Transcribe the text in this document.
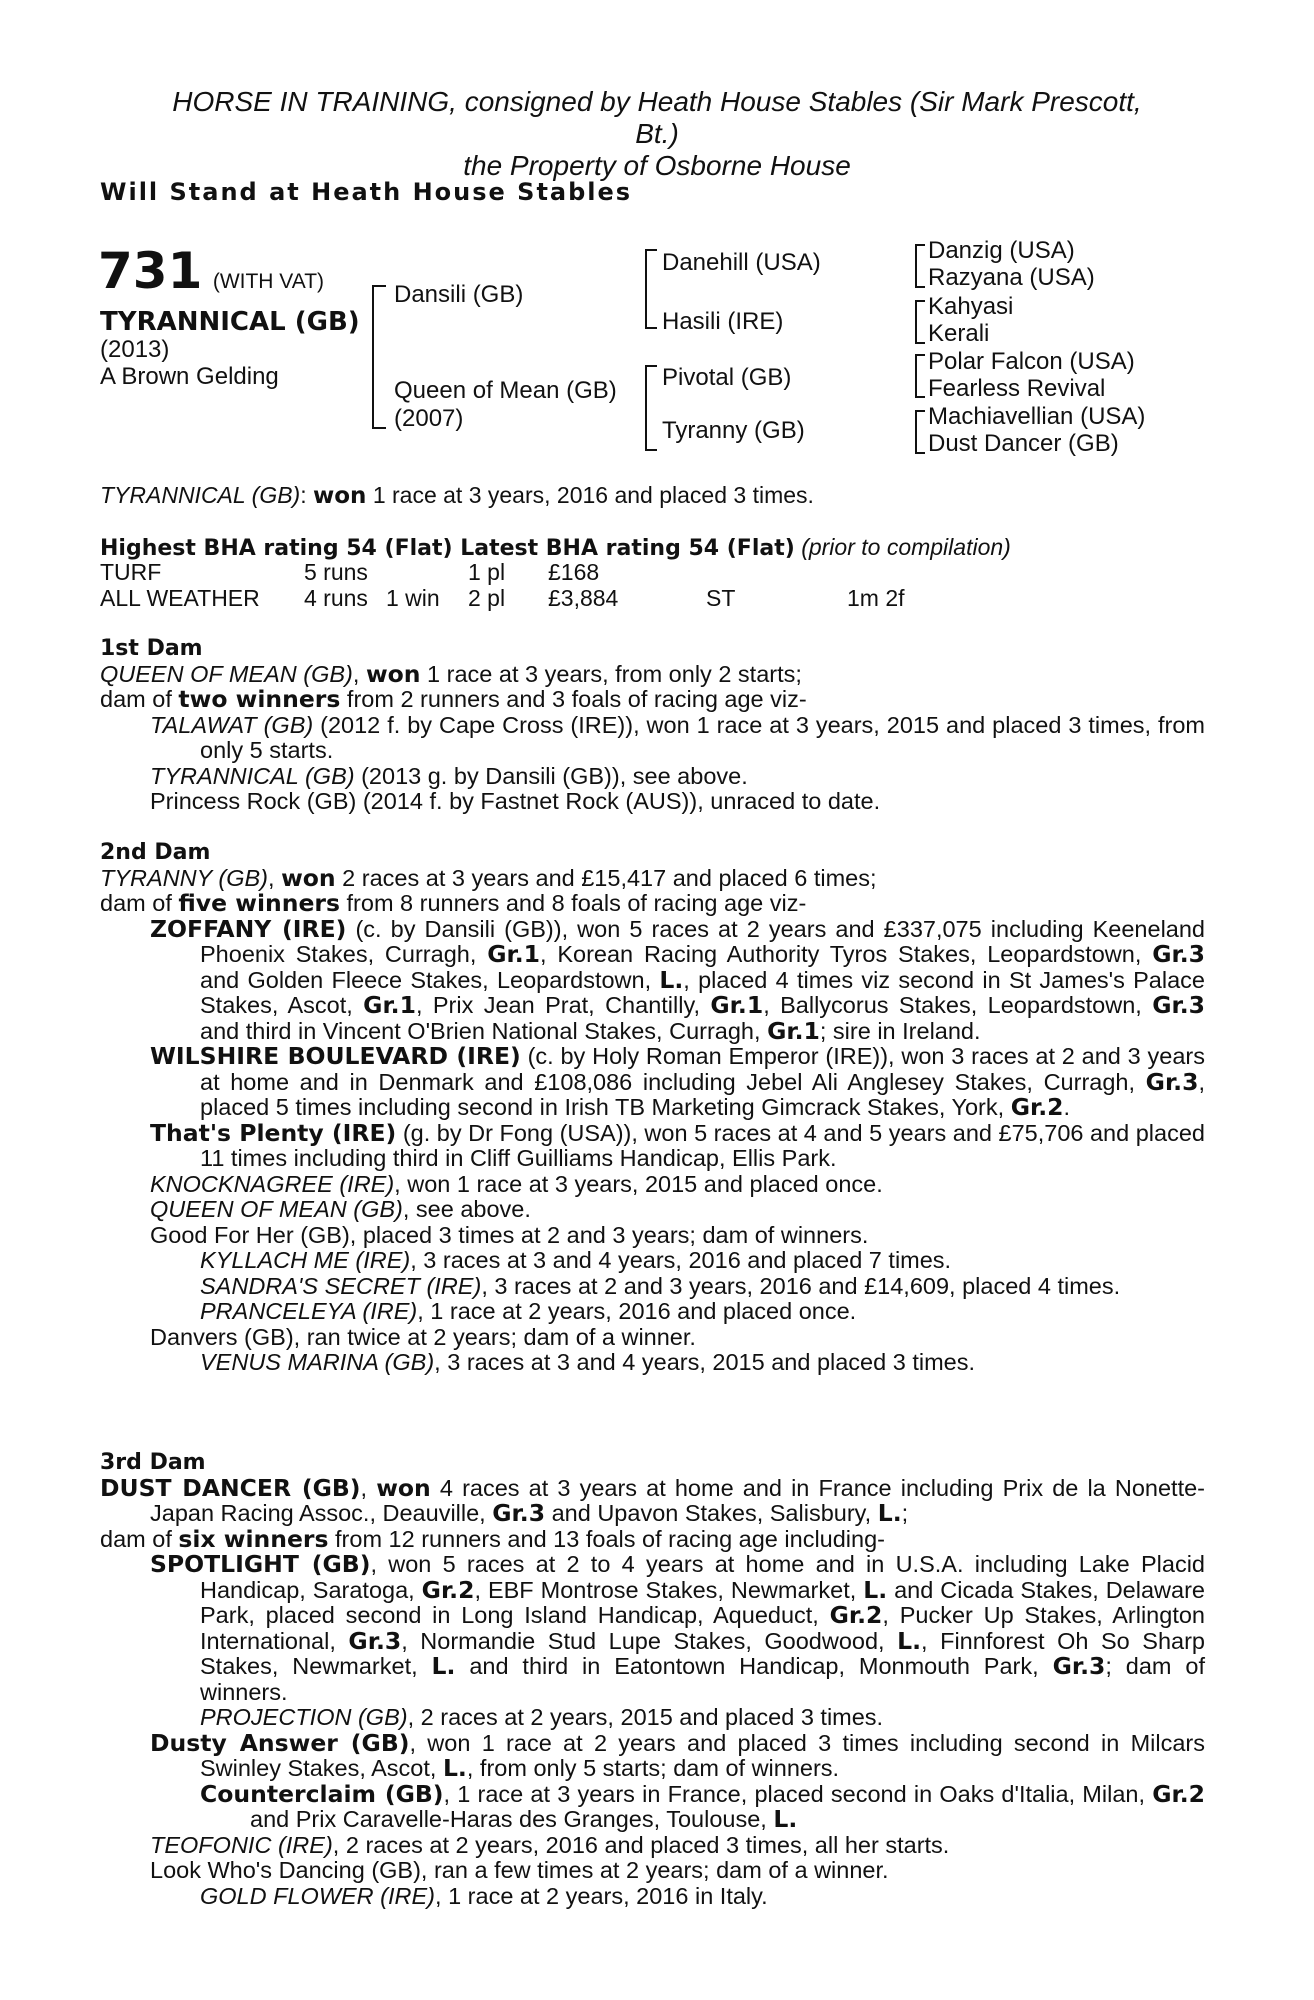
HORSE IN TRAINING, consigned by Heath House Stables (Sir Mark Prescott,
Bt.)
the Property of Osborne House
Will Stand at Heath House Stables
731 (WITH VAT)
TYRANNICAL (GB)
(2013)
A Brown Gelding
Dansili (GB)
Queen of Mean (GB)
(2007)
Danehill (USA)
Hasili (IRE)
Pivotal (GB)
Tyranny (GB)
Danzig (USA)
Razyana (USA)
Kahyasi
Kerali
Polar Falcon (USA)
Fearless Revival
Machiavellian (USA)
Dust Dancer (GB)
TYRANNICAL (GB): won 1 race at 3 years, 2016 and placed 3 times.
Highest BHA rating 54 (Flat) Latest BHA rating 54 (Flat) (prior to compilation)
TURF	5 runs	1 pl £168
ALL WEATHER 4 runs 1 win 2 pl £3,884	ST	1m 2f
1st Dam
QUEEN OF MEAN (GB), won 1 race at 3 years, from only 2 starts;
dam of two winners from 2 runners and 3 foals of racing age viz-
TALAWAT (GB) (2012 f. by Cape Cross (IRE)), won 1 race at 3 years, 2015 and placed 3 times, from only 5 starts.
TYRANNICAL (GB) (2013 g. by Dansili (GB)), see above.
Princess Rock (GB) (2014 f. by Fastnet Rock (AUS)), unraced to date.
2nd Dam
TYRANNY (GB), won 2 races at 3 years and £15,417 and placed 6 times;
dam of five winners from 8 runners and 8 foals of racing age viz-
ZOFFANY (IRE) (c. by Dansili (GB)), won 5 races at 2 years and £337,075 including Keeneland Phoenix Stakes, Curragh, Gr.1, Korean Racing Authority Tyros Stakes, Leopardstown, Gr.3 and Golden Fleece Stakes, Leopardstown, L., placed 4 times viz second in St James's Palace Stakes, Ascot, Gr.1, Prix Jean Prat, Chantilly, Gr.1, Ballycorus Stakes, Leopardstown, Gr.3 and third in Vincent O'Brien National Stakes, Curragh, Gr.1; sire in Ireland.
WILSHIRE BOULEVARD (IRE) (c. by Holy Roman Emperor (IRE)), won 3 races at 2 and 3 years at home and in Denmark and £108,086 including Jebel Ali Anglesey Stakes, Curragh, Gr.3, placed 5 times including second in Irish TB Marketing Gimcrack Stakes, York, Gr.2.
That's Plenty (IRE) (g. by Dr Fong (USA)), won 5 races at 4 and 5 years and £75,706 and placed 11 times including third in Cliff Guilliams Handicap, Ellis Park.
KNOCKNAGREE (IRE), won 1 race at 3 years, 2015 and placed once.
QUEEN OF MEAN (GB), see above.
Good For Her (GB), placed 3 times at 2 and 3 years; dam of winners.
KYLLACH ME (IRE), 3 races at 3 and 4 years, 2016 and placed 7 times.
SANDRA'S SECRET (IRE), 3 races at 2 and 3 years, 2016 and £14,609, placed 4 times.
PRANCELEYA (IRE), 1 race at 2 years, 2016 and placed once.
Danvers (GB), ran twice at 2 years; dam of a winner.
VENUS MARINA (GB), 3 races at 3 and 4 years, 2015 and placed 3 times.
3rd Dam
DUST DANCER (GB), won 4 races at 3 years at home and in France including Prix de la Nonette-Japan Racing Assoc., Deauville, Gr.3 and Upavon Stakes, Salisbury, L.;
dam of six winners from 12 runners and 13 foals of racing age including-
SPOTLIGHT (GB), won 5 races at 2 to 4 years at home and in U.S.A. including Lake Placid Handicap, Saratoga, Gr.2, EBF Montrose Stakes, Newmarket, L. and Cicada Stakes, Delaware Park, placed second in Long Island Handicap, Aqueduct, Gr.2, Pucker Up Stakes, Arlington International, Gr.3, Normandie Stud Lupe Stakes, Goodwood, L., Finnforest Oh So Sharp Stakes, Newmarket, L. and third in Eatontown Handicap, Monmouth Park, Gr.3; dam of winners.
PROJECTION (GB), 2 races at 2 years, 2015 and placed 3 times.
Dusty Answer (GB), won 1 race at 2 years and placed 3 times including second in Milcars Swinley Stakes, Ascot, L., from only 5 starts; dam of winners.
Counterclaim (GB), 1 race at 3 years in France, placed second in Oaks d'Italia, Milan, Gr.2 and Prix Caravelle-Haras des Granges, Toulouse, L.
TEOFONIC (IRE), 2 races at 2 years, 2016 and placed 3 times, all her starts.
Look Who's Dancing (GB), ran a few times at 2 years; dam of a winner.
GOLD FLOWER (IRE), 1 race at 2 years, 2016 in Italy.
